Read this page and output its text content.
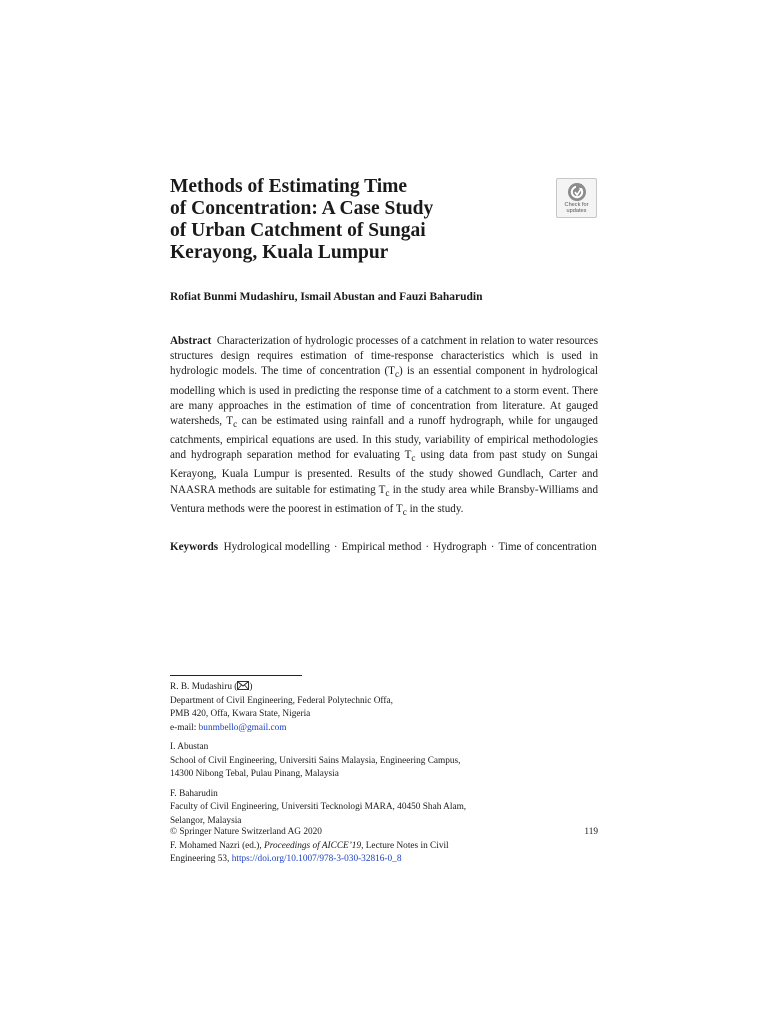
Methods of Estimating Time
of Concentration: A Case Study
of Urban Catchment of Sungai
Kerayong, Kuala Lumpur
Check for
updates

Rofiat Bunmi Mudashiru, Ismail Abustan and Fauzi Baharudin

Abstract Characterization of hydrologic processes of a catchment in relation to water resources structures design requires estimation of time-response characteristics which is used in hydrologic models. The time of concentration $(T_c)$ is an essential component in hydrological modelling which is used in predicting the response time of a catchment to a storm event. There are many approaches in the estimation of time of concentration from literature. At gauged watersheds, $T_c$ can be estimated using rainfall and a runoff hydrograph, while for ungauged catchments, empirical equations are used. In this study, variability of empirical methodologies and hydrograph separation method for evaluating $T_c$ using data from past study on Sungai Kerayong, Kuala Lumpur is presented. Results of the study showed Gundlach, Carter and NAASRA methods are suitable for estimating $T_c$ in the study area while Bransby-Williams and Ventura methods were the poorest in estimation of $T_c$ in the study.

Keywords Hydrological modelling · Empirical method · Hydrograph · Time of concentration

R. B. Mudashiru ( )
Department of Civil Engineering, Federal Polytechnic Offa,
PMB 420, Offa, Kwara State, Nigeria
e-mail: bunmbello@gmail.com
I. Abustan
School of Civil Engineering, Universiti Sains Malaysia, Engineering Campus,
14300 Nibong Tebal, Pulau Pinang, Malaysia
F. Baharudin
Faculty of Civil Engineering, Universiti Tecknologi MARA, 40450 Shah Alam,
Selangor, Malaysia
© Springer Nature Switzerland AG 2020	119
F. Mohamed Nazri (ed.), Proceedings of AICCE’19, Lecture Notes in Civil
Engineering 53, https://doi.org/10.1007/978-3-030-32816-0_8
